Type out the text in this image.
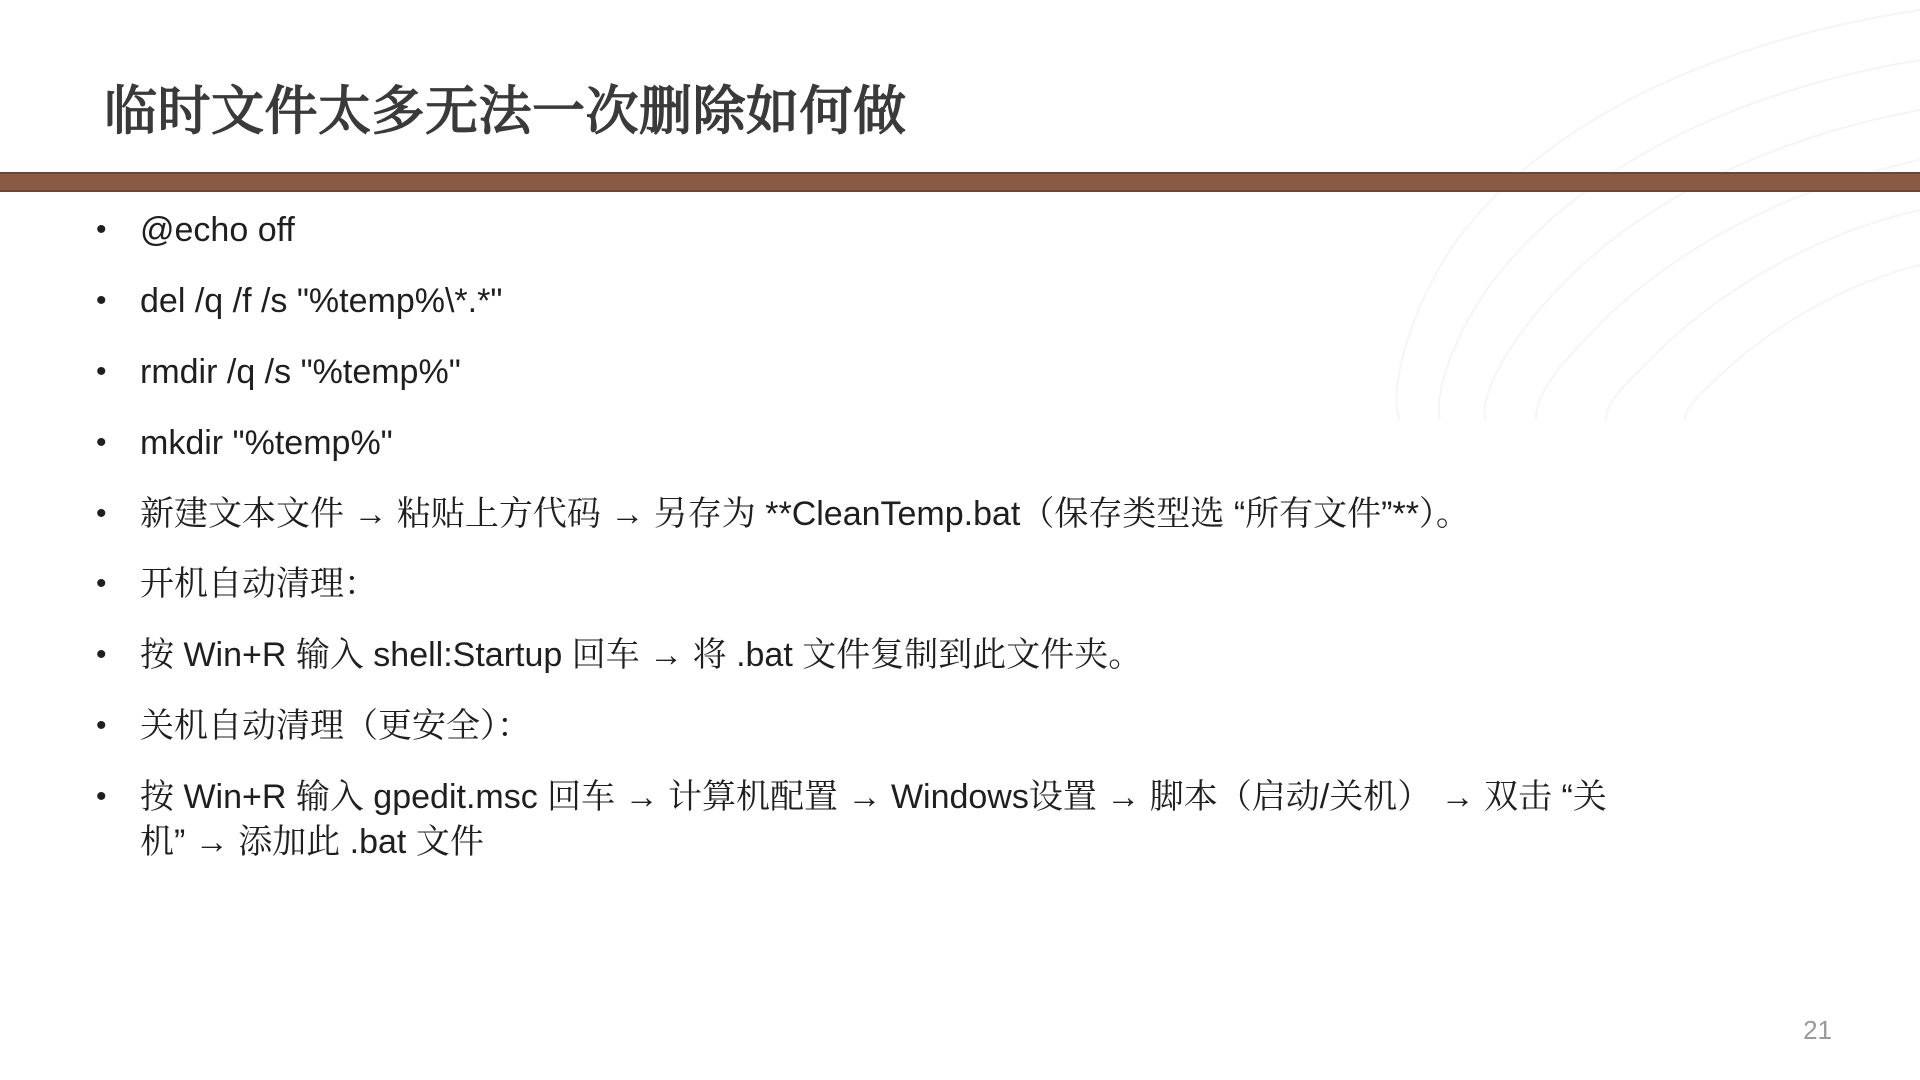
临时文件太多无法一次删除如何做
• @echo off
• del /q /f /s "%temp%\*.*"
• rmdir /q /s "%temp%"
• mkdir "%temp%"
• 新建文本文件 → 粘贴上方代码 → 另存为 **CleanTemp.bat（保存类型选 “所有文件”**）。
• 开机自动清理：
• 按 Win+R 输入 shell:Startup 回车 → 将 .bat 文件复制到此文件夹。
• 关机自动清理（更安全）：
• 按 Win+R 输入 gpedit.msc 回车 → 计算机配置 → Windows设置 → 脚本（启动/关机） → 双击 “关机” → 添加此 .bat 文件
21
